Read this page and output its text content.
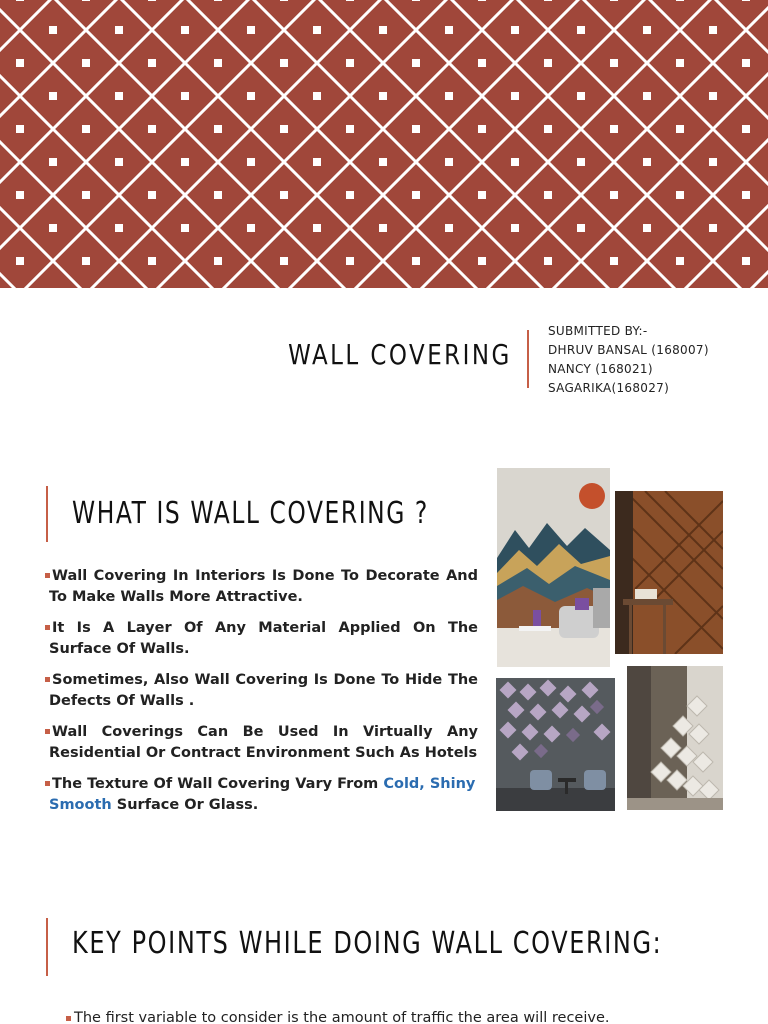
WALL COVERING
SUBMITTED BY:-
DHRUV BANSAL (168007)
NANCY (168021)
SAGARIKA(168027)
WHAT IS WALL COVERING ?
Wall Covering In Interiors Is Done To Decorate And To Make Walls More Attractive.
It Is A Layer Of Any Material Applied On The Surface Of Walls.
Sometimes, Also Wall Covering Is Done To Hide The Defects Of Walls .
Wall Coverings Can Be Used In Virtually Any Residential Or Contract Environment Such As Hotels
The Texture Of Wall Covering Vary From Cold, Shiny Smooth Surface Or Glass.
KEY POINTS WHILE DOING WALL COVERING:
The first variable to consider is the amount of traffic the area will receive.
